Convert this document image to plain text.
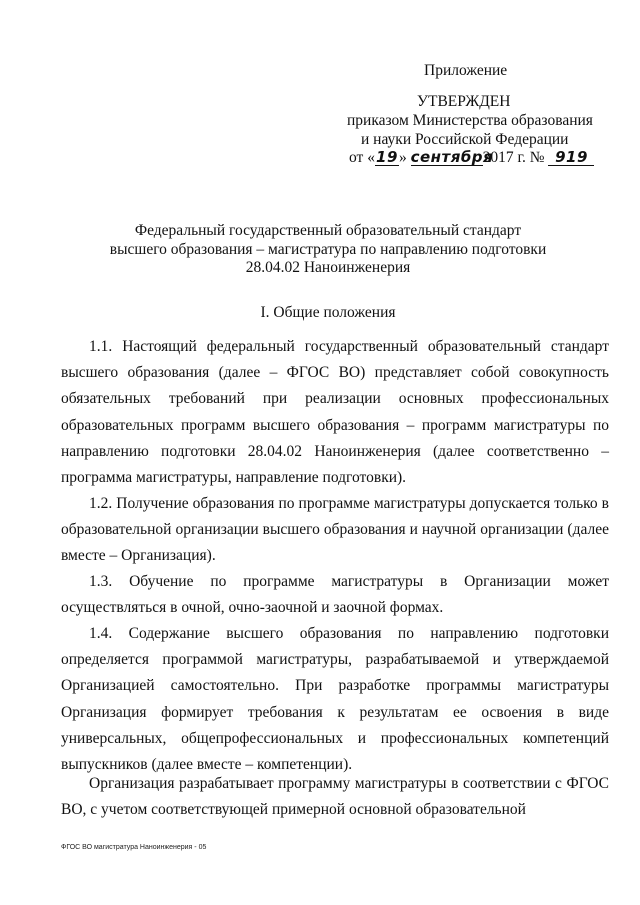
Приложение
УТВЕРЖДЕН
приказом Министерства образования
и науки Российской Федерации
от «19» сентября2017 г. № 919
Федеральный государственный образовательный стандарт
высшего образования – магистратура по направлению подготовки
28.04.02 Наноинженерия
I. Общие положения

1.1. Настоящий федеральный государственный образовательный стандарт высшего образования (далее – ФГОС ВО) представляет собой совокупность обязательных требований при реализации основных профессиональных образовательных программ высшего образования – программ магистратуры по направлению подготовки 28.04.02 Наноинженерия (далее соответственно – программа магистратуры, направление подготовки).

1.2. Получение образования по программе магистратуры допускается только в образовательной организации высшего образования и научной организации (далее вместе – Организация).

1.3. Обучение по программе магистратуры в Организации может осуществляться в очной, очно-заочной и заочной формах.

1.4. Содержание высшего образования по направлению подготовки определяется программой магистратуры, разрабатываемой и утверждаемой Организацией самостоятельно. При разработке программы магистратуры Организация формирует требования к результатам ее освоения в виде универсальных, общепрофессиональных и профессиональных компетенций выпускников (далее вместе – компетенции).

Организация разрабатывает программу магистратуры в соответствии с ФГОС ВО, с учетом соответствующей примерной основной образовательной

ФГОС ВО магистратура Наноинженерия - 05
